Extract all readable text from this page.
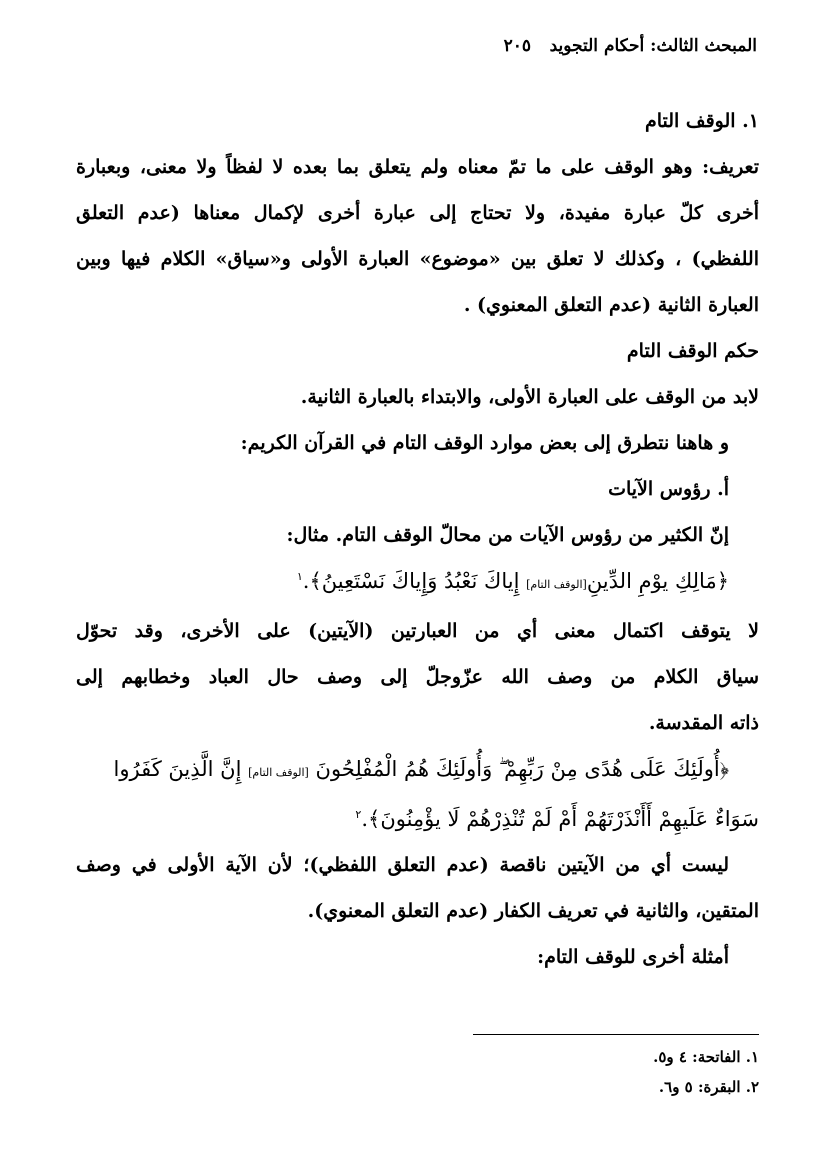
المبحث الثالث: أحكام التجويد
٢٠٥
١. الوقف التام
تعريف: وهو الوقف على ما تمّ معناه ولم يتعلق بما بعده لا لفظاً ولا معنى، وبعبارة
أخرى كلّ عبارة مفيدة، ولا تحتاج إلى عبارة أخرى لإكمال معناها (عدم التعلق
اللفظي) ، وكذلك لا تعلق بين «موضوع» العبارة الأولى و«سياق» الكلام فيها وبين
العبارة الثانية (عدم التعلق المعنوي) .
حكم الوقف التام
لابد من الوقف على العبارة الأولى، والابتداء بالعبارة الثانية.
و هاهنا نتطرق إلى بعض موارد الوقف التام في القرآن الكريم:
أ. رؤوس الآيات
إنّ الكثير من رؤوس الآيات من محالّ الوقف التام. مثال:
﴿مَالِكِ يوْمِ الدِّينِ[الوقف التام] إِياكَ نَعْبُدُ وَإِياكَ نَسْتَعِينُ﴾.$^١$
لا يتوقف اكتمال معنى أي من العبارتين (الآيتين) على الأخرى، وقد تحوّل
سياق الكلام من وصف الله عزّوجلّ إلى وصف حال العباد وخطابهم إلى
ذاته المقدسة.
﴿أُولَئِكَ عَلَى هُدًى مِنْ رَبِّهِمْ ۖ وَأُولَئِكَ هُمُ الْمُفْلِحُونَ [الوقف التام] إِنَّ الَّذِينَ كَفَرُوا سَوَاءٌ عَلَيهِمْ أَأَنْذَرْتَهُمْ أَمْ لَمْ تُنْذِرْهُمْ لَا يؤْمِنُونَ﴾.$^٢$
ليست أي من الآيتين ناقصة (عدم التعلق اللفظي)؛ لأن الآية الأولى في وصف
المتقين، والثانية في تعريف الكفار (عدم التعلق المعنوي).
أمثلة أخرى للوقف التام:
١. الفاتحة: ٤ و٥.
٢. البقرة: ٥ و٦.
